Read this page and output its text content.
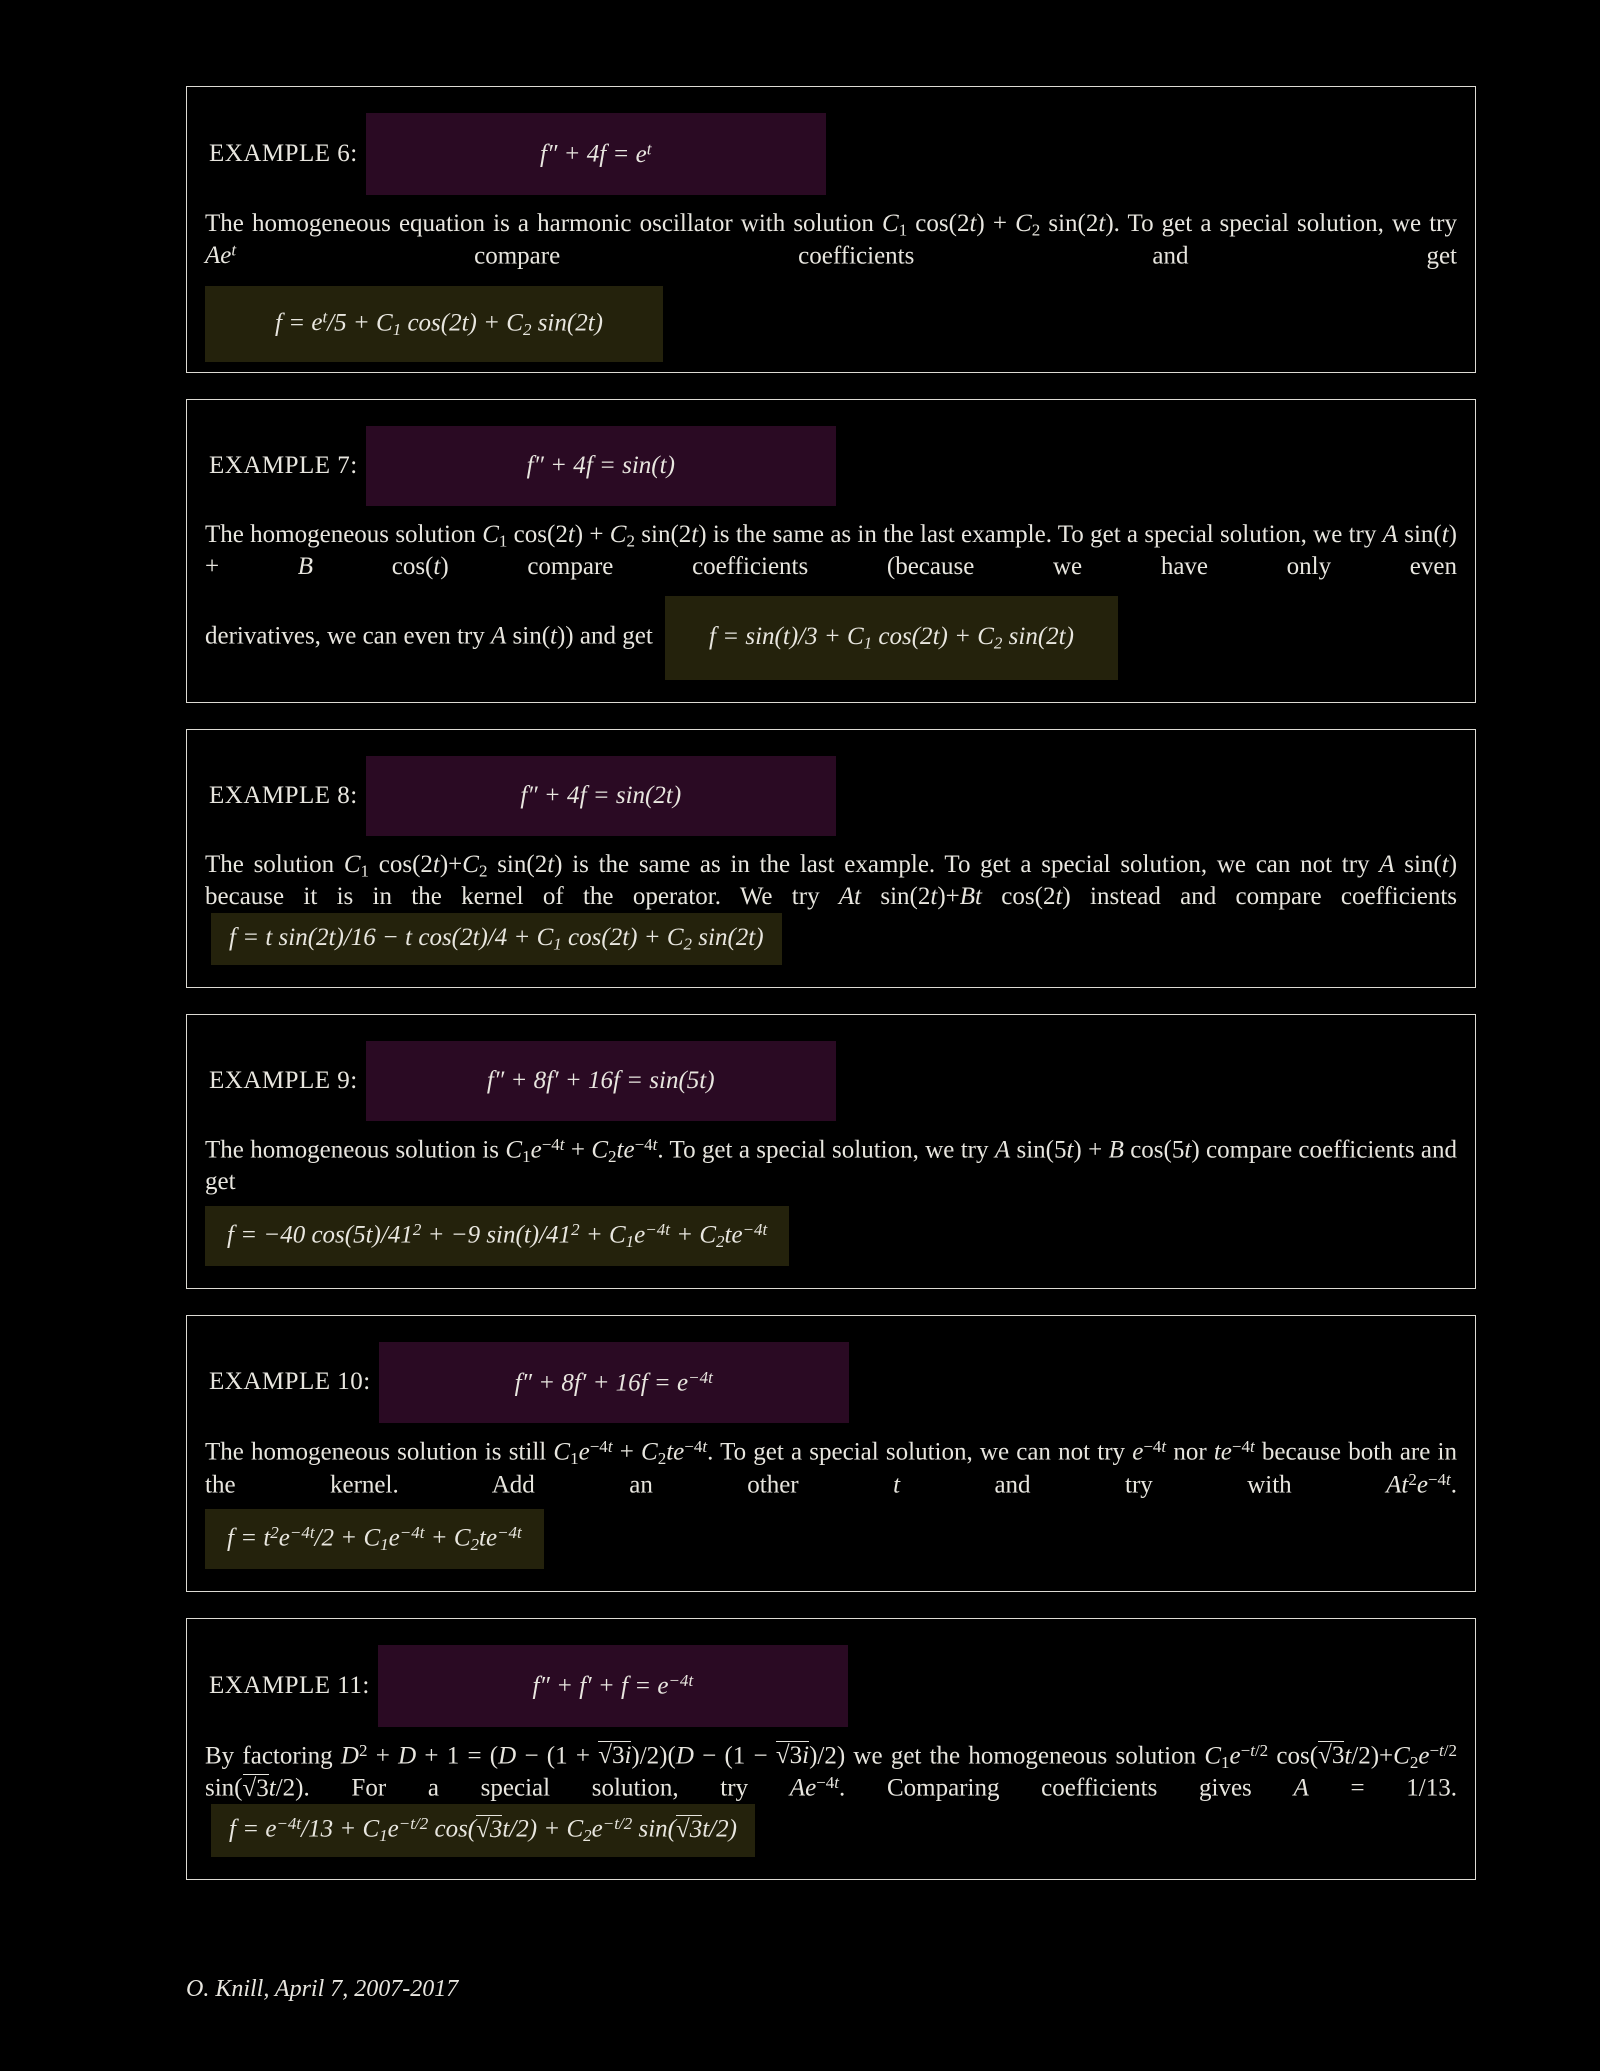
EXAMPLE 6:	$f'' + 4f = e^t$
The homogeneous equation is a harmonic oscillator with solution $C_1$ $\cos(2t) + C_2$ sin(2t). To get a special solution, we try Ae$^t$ compare coefficients and get
$f = e^t/5 + C_1$ $\cos(2t) + C_2$ sin(2t)
EXAMPLE 7:	f″ + 4f = sin(t)
The homogeneous solution $C_1$ $\cos(2t) + C_2$ sin(2t) is the same as in the last example. To get a special solution, we try A sin(t) + B cos(t) compare coefficients (because we have only even
derivatives, we can even try A sin(t)) and get $f = \sin(t)/3 + C_1$ $\cos(2t) + C_2$ sin(2t)
EXAMPLE 8:	f″ + 4f = sin(2t)
The solution $C_1$ $\cos(2t)+C_2$ sin(2t) is the same as in the last example. To get a special solution, we can not try A sin(t) because it is in the kernel of the operator. We try At sin(2t)+Bt cos(2t) instead and compare coefficients f = t sin(2t)/16 − t $\cos(2t)/4 + C_1$ $\cos(2t) + C_2$ sin(2t)
EXAMPLE 9:	f″ + 8f′ + 16f = sin(5t)
The homogeneous solution is $C_1e^{-4t} + C_2te^{-4t}$. To get a special solution, we try A sin(5t) + B cos(5t) compare coefficients and get
f = −40 $\cos(5t)/41^2 + -9$ $\sin(t)/41^2 + C_1e^{-4t} + C_2te^{-4t}$
EXAMPLE 10:	$f'' + 8f' + 16f = e^{-4t}$
The homogeneous solution is still $C_1e^{-4t} + C_2te^{-4t}$. To get a special solution, we can not try $e^{-4t}$ nor $te^{-4t}$ because both are in the kernel. Add an other t and try with $At^2e^{-4t}$.
$f = t^2e^{-4t}/2 + C_1e^{-4t} + C_2te^{-4t}$
EXAMPLE 11:	$f'' + f' + f = e^{-4t}$
By factoring $D^2 + D + 1 = (D - (1 + √3i)/2)(D - (1 - √3i)/2)$ we get the homogeneous solution $C_1e^{-t/2}$ $\cos(√3t/2)+C_2e^{-t/2}$ sin(√3t/2). For a special solution, try $Ae^{-4t}$. Comparing coefficients gives A = 1/13. $f = e^{-4t}/13 + C_1e^{-t/2}$ $\cos(√3t/2) + C_2e^{-t/2}$ sin(√3t/2)
O. Knill, April 7, 2007-2017
